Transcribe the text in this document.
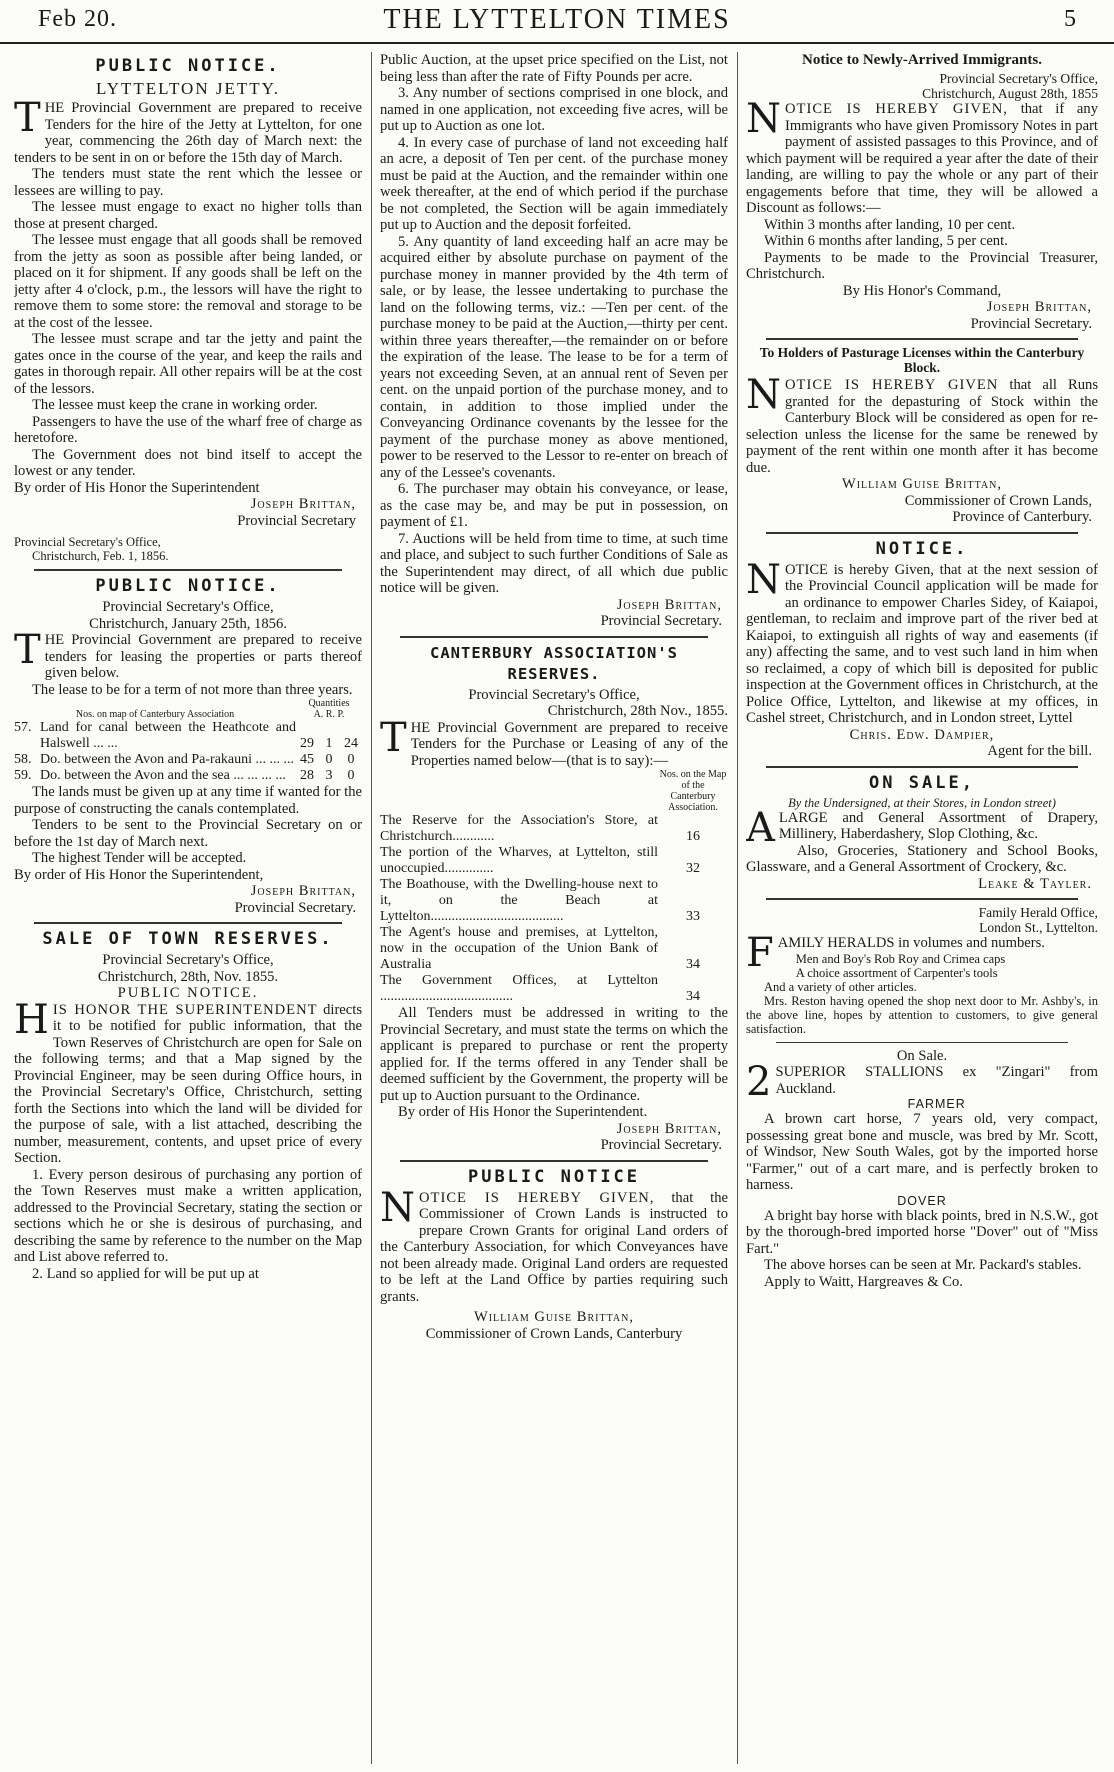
Feb 20.	THE LYTTELTON TIMES	5
PUBLIC NOTICE.
LYTTELTON JETTY.

THE Provincial Government are prepared to receive Tenders for the hire of the Jetty at Lyttelton, for one year, commencing the 26th day of March next: the tenders to be sent in on or before the 15th day of March.

The tenders must state the rent which the lessee or lessees are willing to pay.

The lessee must engage to exact no higher tolls than those at present charged.

The lessee must engage that all goods shall be removed from the jetty as soon as possible after being landed, or placed on it for shipment. If any goods shall be left on the jetty after 4 o'clock, p.m., the lessors will have the right to remove them to some store: the removal and storage to be at the cost of the lessee.

The lessee must scrape and tar the jetty and paint the gates once in the course of the year, and keep the rails and gates in thorough repair. All other repairs will be at the cost of the lessors.

The lessee must keep the crane in working order.

Passengers to have the use of the wharf free of charge as heretofore.

The Government does not bind itself to accept the lowest or any tender.

By order of His Honor the Superintendent

Joseph Brittan,

Provincial Secretary

Provincial Secretary's Office,

Christchurch, Feb. 1, 1856.

PUBLIC NOTICE.

Provincial Secretary's Office,

Christchurch, January 25th, 1856.

THE Provincial Government are prepared to receive tenders for leasing the properties or parts thereof given below.

The lease to be for a term of not more than three years.

Nos. on map of Canterbury Association		Quantities
A. R. P.		
57.	Land for canal between the Heathcote and Halswell ... ...	29	1	24
58.	Do. between the Avon and Pa-rakauni ... ... ...	45	0	0
59.	Do. between the Avon and the sea ... ... ... ...	28	3	0

The lands must be given up at any time if wanted for the purpose of constructing the canals contemplated.

Tenders to be sent to the Provincial Secretary on or before the 1st day of March next.

The highest Tender will be accepted.

By order of His Honor the Superintendent,

Joseph Brittan,

Provincial Secretary.

SALE OF TOWN RESERVES.

Provincial Secretary's Office,

Christchurch, 28th, Nov. 1855.

PUBLIC NOTICE.

HIS HONOR THE SUPERINTENDENT directs it to be notified for public information, that the Town Reserves of Christchurch are open for Sale on the following terms; and that a Map signed by the Provincial Engineer, may be seen during Office hours, in the Provincial Secretary's Office, Christchurch, setting forth the Sections into which the land will be divided for the purpose of sale, with a list attached, describing the number, measurement, contents, and upset price of every Section.

1. Every person desirous of purchasing any portion of the Town Reserves must make a written application, addressed to the Provincial Secretary, stating the section or sections which he or she is desirous of purchasing, and describing the same by reference to the number on the Map and List above referred to.

2. Land so applied for will be put up at

Public Auction, at the upset price specified on the List, not being less than after the rate of Fifty Pounds per acre.

3. Any number of sections comprised in one block, and named in one application, not exceeding five acres, will be put up to Auction as one lot.

4. In every case of purchase of land not exceeding half an acre, a deposit of Ten per cent. of the purchase money must be paid at the Auction, and the remainder within one week thereafter, at the end of which period if the purchase be not completed, the Section will be again immediately put up to Auction and the deposit forfeited.

5. Any quantity of land exceeding half an acre may be acquired either by absolute purchase on payment of the purchase money in manner provided by the 4th term of sale, or by lease, the lessee undertaking to purchase the land on the following terms, viz.: —Ten per cent. of the purchase money to be paid at the Auction,—thirty per cent. within three years thereafter,—the remainder on or before the expiration of the lease. The lease to be for a term of years not exceeding Seven, at an annual rent of Seven per cent. on the unpaid portion of the purchase money, and to contain, in addition to those implied under the Conveyancing Ordinance covenants by the lessee for the payment of the purchase money as above mentioned, power to be reserved to the Lessor to re-enter on breach of any of the Lessee's covenants.

6. The purchaser may obtain his conveyance, or lease, as the case may be, and may be put in possession, on payment of £1.

7. Auctions will be held from time to time, at such time and place, and subject to such further Conditions of Sale as the Superintendent may direct, of all which due public notice will be given.

Joseph Brittan,

Provincial Secretary.

CANTERBURY ASSOCIATION'S RESERVES.

Provincial Secretary's Office,

Christchurch, 28th Nov., 1855.

THE Provincial Government are prepared to receive Tenders for the Purchase or Leasing of any of the Properties named below—(that is to say):—

	Nos. on the Map of the Canterbury Association.
The Reserve for the Association's Store, at Christchurch............	16
The portion of the Wharves, at Lyttelton, still unoccupied..............	32
The Boathouse, with the Dwelling-house next to it, on the Beach at Lyttelton......................................	33
The Agent's house and premises, at Lyttelton, now in the occupation of the Union Bank of Australia	34
The Government Offices, at Lyttelton ......................................	34

All Tenders must be addressed in writing to the Provincial Secretary, and must state the terms on which the applicant is prepared to purchase or rent the property applied for. If the terms offered in any Tender shall be deemed sufficient by the Government, the property will be put up to Auction pursuant to the Ordinance.

By order of His Honor the Superintendent.

Joseph Brittan,

Provincial Secretary.

PUBLIC NOTICE

NOTICE IS HEREBY GIVEN, that the Commissioner of Crown Lands is instructed to prepare Crown Grants for original Land orders of the Canterbury Association, for which Conveyances have not been already made. Original Land orders are requested to be left at the Land Office by parties requiring such grants.

William Guise Brittan,

Commissioner of Crown Lands, Canterbury

Notice to Newly-Arrived Immigrants.

Provincial Secretary's Office,

Christchurch, August 28th, 1855

NOTICE IS HEREBY GIVEN, that if any Immigrants who have given Promissory Notes in part payment of assisted passages to this Province, and of which payment will be required a year after the date of their landing, are willing to pay the whole or any part of their engagements before that time, they will be allowed a Discount as follows:—

Within 3 months after landing, 10 per cent.

Within 6 months after landing, 5 per cent.

Payments to be made to the Provincial Treasurer, Christchurch.

By His Honor's Command,

Joseph Brittan,

Provincial Secretary.

To Holders of Pasturage Licenses within the Canterbury Block.

NOTICE IS HEREBY GIVEN that all Runs granted for the depasturing of Stock within the Canterbury Block will be considered as open for re-selection unless the license for the same be renewed by payment of the rent within one month after it has become due.

William Guise Brittan,

Commissioner of Crown Lands,

Province of Canterbury.

NOTICE.

NOTICE is hereby Given, that at the next session of the Provincial Council application will be made for an ordinance to empower Charles Sidey, of Kaiapoi, gentleman, to reclaim and improve part of the river bed at Kaiapoi, to extinguish all rights of way and easements (if any) affecting the same, and to vest such land in him when so reclaimed, a copy of which bill is deposited for public inspection at the Government offices in Christchurch, at the Police Office, Lyttelton, and likewise at my offices, in Cashel street, Christchurch, and in London street, Lyttel

Chris. Edw. Dampier,

Agent for the bill.

ON SALE,

By the Undersigned, at their Stores, in London street)

ALARGE and General Assortment of Drapery, Millinery, Haberdashery, Slop Clothing, &c.

Also, Groceries, Stationery and School Books, Glassware, and a General Assortment of Crockery, &c.

Leake & Tayler.

Family Herald Office,

London St., Lyttelton.

FAMILY HERALDS in volumes and numbers.

Men and Boy's Rob Roy and Crimea caps

A choice assortment of Carpenter's tools

And a variety of other articles.

Mrs. Reston having opened the shop next door to Mr. Ashby's, in the above line, hopes by attention to customers, to give general satisfaction.

On Sale.

2 SUPERIOR STALLIONS ex "Zingari" from Auckland.

FARMER

A brown cart horse, 7 years old, very compact, possessing great bone and muscle, was bred by Mr. Scott, of Windsor, New South Wales, got by the imported horse "Farmer," out of a cart mare, and is perfectly broken to harness.

DOVER

A bright bay horse with black points, bred in N.S.W., got by the thorough-bred imported horse "Dover" out of "Miss Fart."

The above horses can be seen at Mr. Packard's stables.

Apply to Waitt, Hargreaves & Co.
